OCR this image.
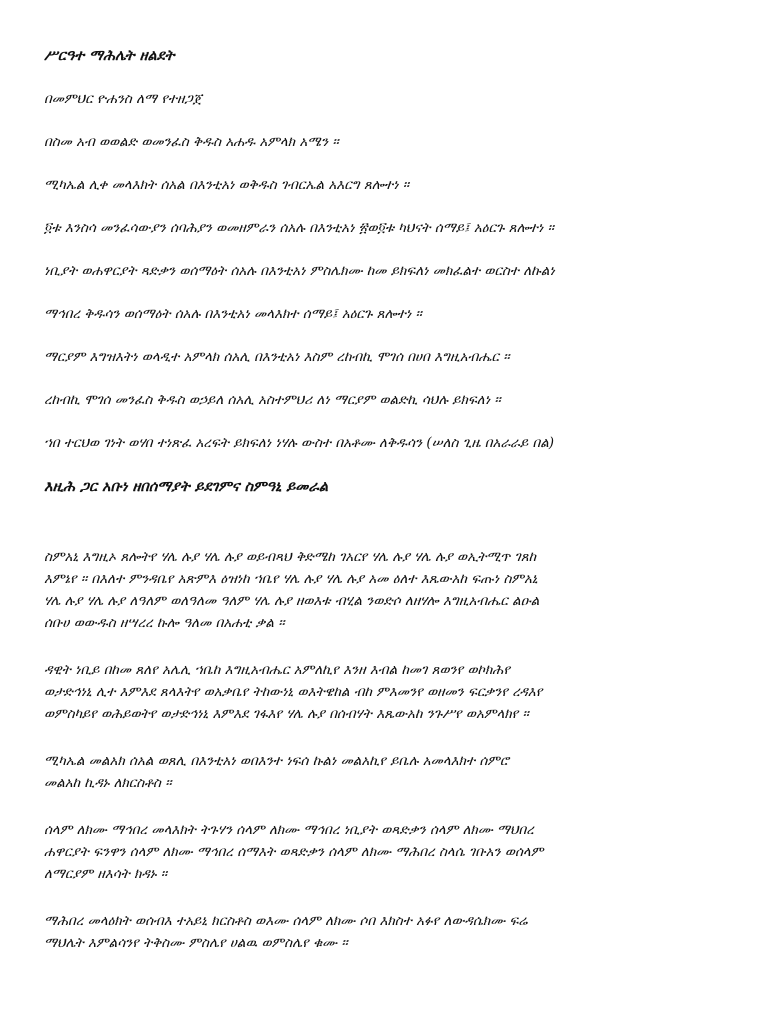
ሥርዓተ ማሕሌት ዘልደት
በመምህር ዮሐንስ ለማ የተዘጋጀ
በስመ አብ ወወልድ ወመንፈስ ቅዱስ አሐዱ አምላክ አሜን ።
ሚካኤል ሊቀ መላእክት ሰአል በእንቲአነ ወቅዱስ ገብርኤል አእርግ ጸሎተነ ።
፬ቱ እንስሳ መንፈሳውያን ሰባሕያን ወመዘምራን ሰአሉ በእንቲአነ ፳ወ፬ቱ ካህናት ሰማይ፤ አዕርጉ ጸሎተነ ።
ነቢያት ወሐዋርያት ጻድቃን ወሰማዕት ሰአሉ በእንቲአነ ምስሌክሙ ከመ ይክፍለነ መክፈልተ ወርስተ ለኩልነ
ማኅበረ ቅዱሳን ወሰማዕት ሰአሉ በእንቲአነ መላእክተ ሰማይ፤ አዕርጉ ጸሎተነ ።
ማርያም እግዝእትነ ወላዲተ አምላክ ሰአሊ በእንቲአነ እስም ረከብኪ ሞገሰ በሀበ እግዚአብሔር ።
ረከብኪ ሞገሰ መንፈስ ቅዱስ ወኃይለ ሰአሊ አስተምህሪ ለነ ማርያም ወልድኪ ሳህሉ ይክፍለነ ።
ኀበ ተርህወ ገነት ወሃበ ተነጽፈ አረፍት ይክፍለነ ነሃሉ ውስተ በአቶሙ ለቅዱሳን (ሠለስ ጊዜ በአራራይ በል)
እዚሕ ጋር አቡነ ዘበሰማያት ይደገምና ስምዓኒ ይመራል
ስምአኒ እግዚኦ ጸሎትየ ሃሌ ሉያ ሃሌ ሉያ ወይብጻህ ቅድሜከ ገአርየ ሃሌ ሉያ ሃሌ ሉያ ወኢትሚጥ ገጸከ
እምኔየ ። በእለተ ምንዳቤየ አጽምእ ዕዝነከ ኀቤየ ሃሌ ሉያ ሃሌ ሉያ አመ ዕለተ እጼውአከ ፍጡነ ስምአኒ
ሃሌ ሉያ ሃሌ ሉያ ለዓለም ወለዓለመ ዓለም ሃሌ ሉያ ዘወእቱ ብሂል ንወድሶ ለዘሃሎ እግዚአብሔር ልዑል
ሰቡሀ ወውዱስ ዘሣረረ ኩሎ ዓለመ በአሐቲ ቃል ።
ዳዊት ነቢይ በከመ ጸለየ አሌሊ ኀቤከ እግዚአብሔር አምለኪየ እንዘ እብል ከመገ ጸወንየ ወኮክሕየ
ወታድኅነኒ ሊተ እምእደ ጸላእትየ ወአቃቤየ ትከውነኒ ወእትዌከል ብከ ምእመንየ ወዘመን ፍርቃንየ ረዳእየ
ወምስካይየ ወሕይወትየ ወታድኅነኒ እምእደ ገፋእየ ሃሌ ሉያ በሰብሃት እጼውአከ ንጉሥየ ወአምላክየ ።
ሚካኤል መልአክ ሰአል ወጸሊ በእንቲአነ ወበእንተ ነፍሰ ኩልነ መልአኪየ ይቤሉ አመላእክተ ሰምሮ
መልአከ ኪዳኑ ለክርስቶስ ።
ሰላም ለክሙ ማኅበረ መላእክት ትጉሃን ሰላም ለክሙ ማኅበረ ነቢያት ወጻድቃን ሰላም ለክሙ ማህበረ
ሐዋርያት ፍንዋን ሰላም ለክሙ ማኅበረ ሰማእት ወጻድቃን ሰላም ለክሙ ማሕበረ ስላሴ ገቡአን ወሰላም
ለማርያም ዘእሳት ክዳኑ ።
ማሕበረ መላዕክት ወሰብእ ተአይኒ ክርስቶስ ወእሙ ሰላም ለክሙ ሶበ እክስተ አፉየ ለውዳሴክሙ ፍሬ
ማህሌት እምልሳንየ ትቅስሙ ምስሌየ ሀልዉ ወምስሌየ ቁሙ ።
